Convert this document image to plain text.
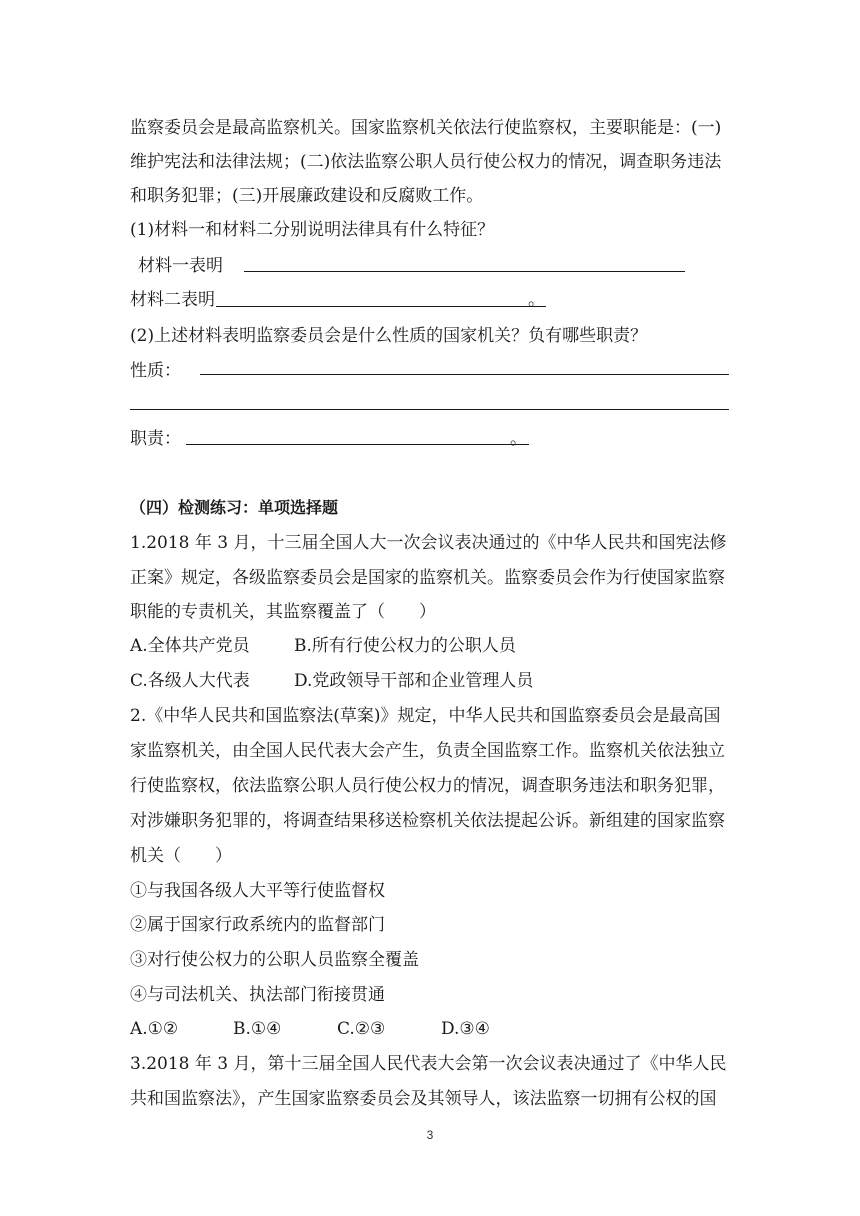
监察委员会是最高监察机关。国家监察机关依法行使监察权，主要职能是：(一)
维护宪法和法律法规；(二)依法监察公职人员行使公权力的情况，调查职务违法
和职务犯罪；(三)开展廉政建设和反腐败工作。
(1)材料一和材料二分别说明法律具有什么特征？
材料一表明
材料二表明	。
(2)上述材料表明监察委员会是什么性质的国家机关？负有哪些职责？
性质：
职责：	。
（四）检测练习：单项选择题
1.2018 年 3 月，十三届全国人大一次会议表决通过的《中华人民共和国宪法修
正案》规定，各级监察委员会是国家的监察机关。监察委员会作为行使国家监察
职能的专责机关，其监察覆盖了（　　）
A.全体共产党员	B.所有行使公权力的公职人员
C.各级人大代表	D.党政领导干部和企业管理人员
2.《中华人民共和国监察法(草案)》规定，中华人民共和国监察委员会是最高国
家监察机关，由全国人民代表大会产生，负责全国监察工作。监察机关依法独立
行使监察权，依法监察公职人员行使公权力的情况，调查职务违法和职务犯罪，
对涉嫌职务犯罪的，将调查结果移送检察机关依法提起公诉。新组建的国家监察
机关（　　）
①与我国各级人大平等行使监督权
②属于国家行政系统内的监督部门
③对行使公权力的公职人员监察全覆盖
④与司法机关、执法部门衔接贯通
A.①②	B.①④	C.②③	D.③④
3.2018 年 3 月，第十三届全国人民代表大会第一次会议表决通过了《中华人民
共和国监察法》，产生国家监察委员会及其领导人，该法监察一切拥有公权的国
3
